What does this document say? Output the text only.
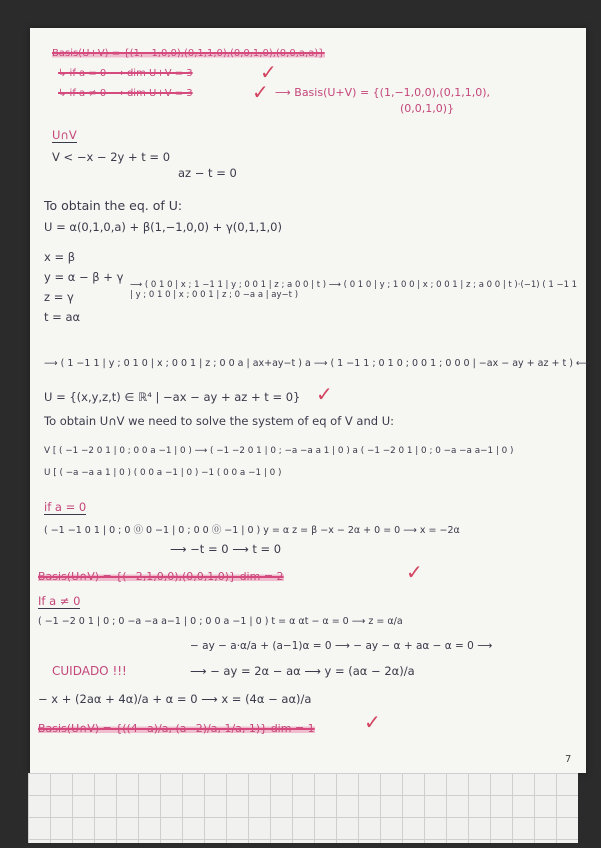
Basis(U+V) = {(1,−1,0,0),(0,1,1,0),(0,0,1,0),(0,0,a,a)}
↳ if a = 0 ⟶ dim U+V = 3	✓
↳ if a ≠ 0 ⟶ dim U+V = 3	✓ ⟶ Basis(U+V) = {(1,−1,0,0),(0,1,1,0),
(0,0,1,0)}
U∩V
V < −x − 2y + t = 0
az − t = 0
To obtain the eq. of U:
U = α(0,1,0,a) + β(1,−1,0,0) + γ(0,1,1,0)
x = β
y = α − β + γ
z = γ
t = aα
⟶ ( 0 1 0 | x ; 1 −1 1 | y ; 0 0 1 | z ; a 0 0 | t ) ⟶ ( 0 1 0 | y ; 1 0 0 | x ; 0 0 1 | z ; a 0 0 | t )·(−1) ( 1 −1 1 | y ; 0 1 0 | x ; 0 0 1 | z ; 0 −a a | ay−t )
⟶ ( 1 −1 1 | y ; 0 1 0 | x ; 0 0 1 | z ; 0 0 a | ax+ay−t ) a ⟶ ( 1 −1 1 ; 0 1 0 ; 0 0 1 ; 0 0 0 | −ax − ay + az + t ) ⟵
U = {(x,y,z,t) ∈ ℝ⁴ | −ax − ay + az + t = 0} ✓
To obtain U∩V we need to solve the system of eq of V and U:
V [ ( −1 −2 0 1 | 0 ; 0 0 a −1 | 0 ) ⟶ ( −1 −2 0 1 | 0 ; −a −a a 1 | 0 ) a ( −1 −2 0 1 | 0 ; 0 −a −a a−1 | 0 )
U [ ( −a −a a 1 | 0 ) ( 0 0 a −1 | 0 ) −1 ( 0 0 a −1 | 0 )
if a = 0
( −1 −1 0 1 | 0 ; 0 ⓪ 0 −1 | 0 ; 0 0 ⓪ −1 | 0 ) y = α z = β −x − 2α + 0 = 0 ⟶ x = −2α
⟶ −t = 0 ⟶ t = 0
Basis(U∩V) = {(−2,1,0,0),(0,0,1,0)} dim = 2	✓
If a ≠ 0
( −1 −2 0 1 | 0 ; 0 −a −a a−1 | 0 ; 0 0 a −1 | 0 ) t = α αt − α = 0 ⟶ z = α/a
− ay − a·α/a + (a−1)α = 0 ⟶ − ay − α + aα − α = 0 ⟶
CUIDADO !!!	⟶ − ay = 2α − aα ⟶ y = (aα − 2α)/a
− x + (2aα + 4α)/a + α = 0 ⟶ x = (4α − aα)/a
Basis(U∩V) = {((4−a)/a, (a−2)/a, 1/a, 1)} dim = 1 ✓
7
